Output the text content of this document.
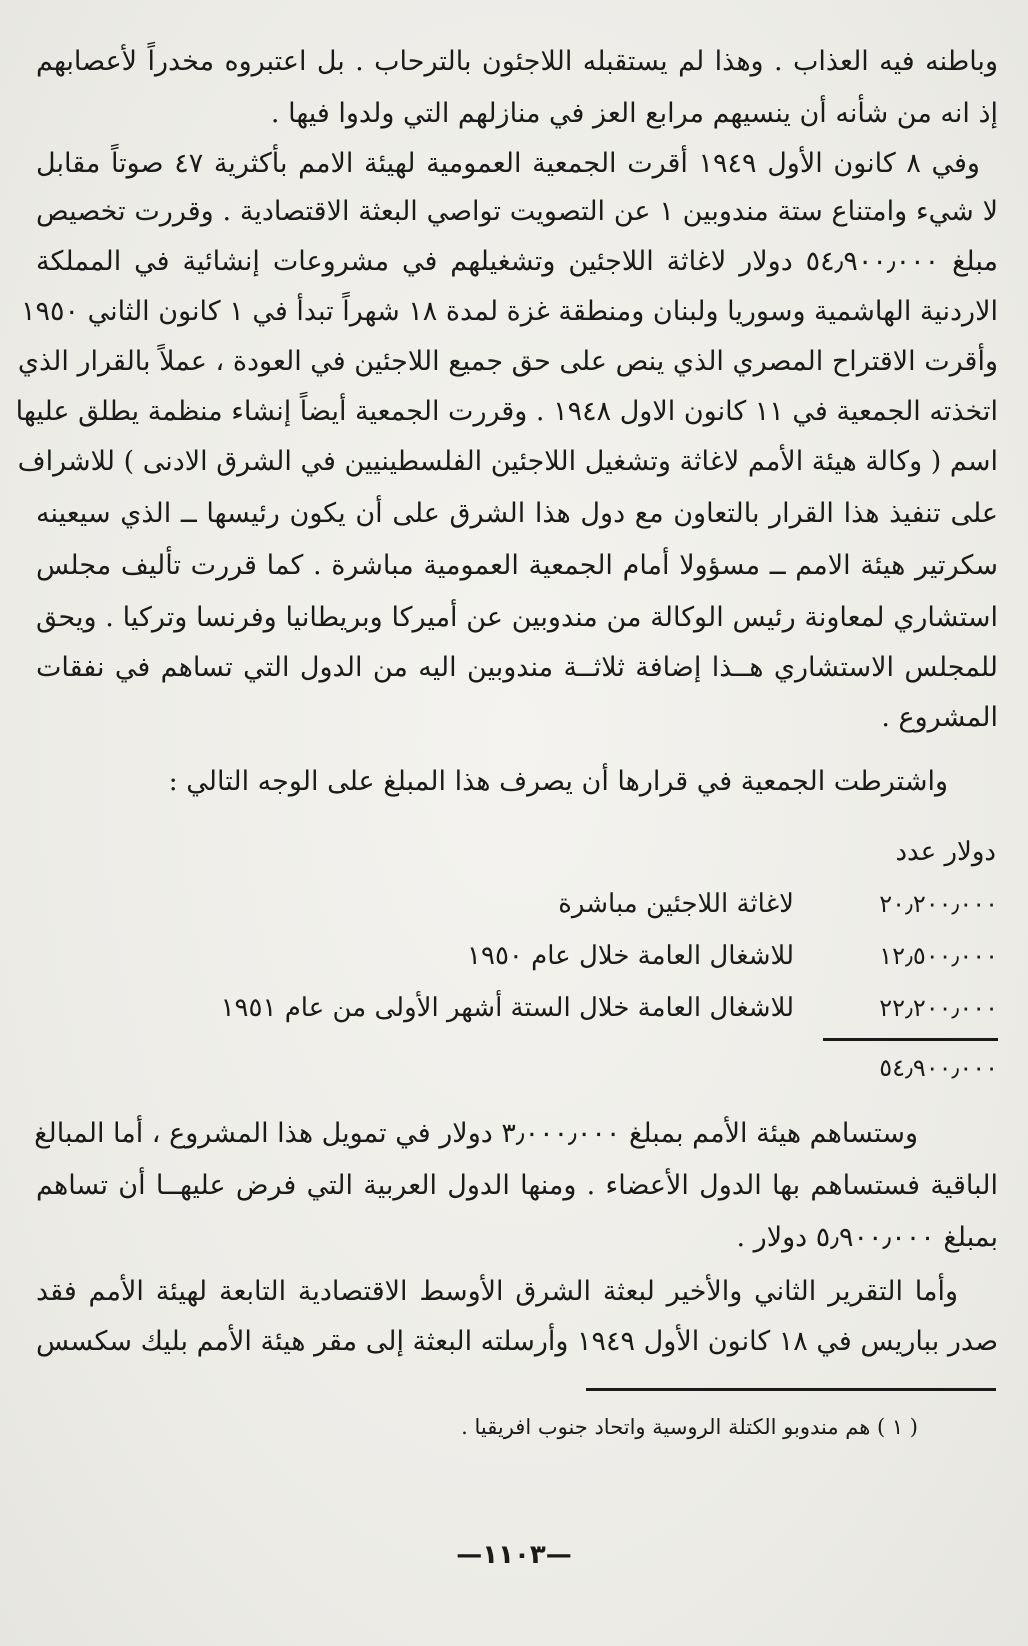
وباطنه فيه العذاب . وهذا لم يستقبله اللاجئون بالترحاب . بل اعتبروه مخدراً لأعصابهم
إذ انه من شأنه أن ينسيهم مرابع العز في منازلهم التي ولدوا فيها .
وفي ٨ كانون الأول ١٩٤٩ أقرت الجمعية العمومية لهيئة الامم بأكثرية ٤٧ صوتاً مقابل
لا شيء وامتناع ستة مندوبين ١ عن التصويت تواصي البعثة الاقتصادية . وقررت تخصيص
مبلغ ٥٤٫٩٠٠٫٠٠٠ دولار لاغاثة اللاجئين وتشغيلهم في مشروعات إنشائية في المملكة
الاردنية الهاشمية وسوريا ولبنان ومنطقة غزة لمدة ١٨ شهراً تبدأ في ١ كانون الثاني ١٩٥٠
وأقرت الاقتراح المصري الذي ينص على حق جميع اللاجئين في العودة ، عملاً بالقرار الذي
اتخذته الجمعية في ١١ كانون الاول ١٩٤٨ . وقررت الجمعية أيضاً إنشاء منظمة يطلق عليها
اسم ( وكالة هيئة الأمم لاغاثة وتشغيل اللاجئين الفلسطينيين في الشرق الادنى ) للاشراف
على تنفيذ هذا القرار بالتعاون مع دول هذا الشرق على أن يكون رئيسها ــ الذي سيعينه
سكرتير هيئة الامم ــ مسؤولا أمام الجمعية العمومية مباشرة . كما قررت تأليف مجلس
استشاري لمعاونة رئيس الوكالة من مندوبين عن أميركا وبريطانيا وفرنسا وتركيا . ويحق
للمجلس الاستشاري هــذا إضافة ثلاثــة مندوبين اليه من الدول التي تساهم في نفقات
المشروع .
واشترطت الجمعية في قرارها أن يصرف هذا المبلغ على الوجه التالي :
دولار عدد
٢٠٫٢٠٠٫٠٠٠
لاغاثة اللاجئين مباشرة
١٢٫٥٠٠٫٠٠٠
للاشغال العامة خلال عام ١٩٥٠
٢٢٫٢٠٠٫٠٠٠
للاشغال العامة خلال الستة أشهر الأولى من عام ١٩٥١
٥٤٫٩٠٠٫٠٠٠
وستساهم هيئة الأمم بمبلغ ٣٫٠٠٠٫٠٠٠ دولار في تمويل هذا المشروع ، أما المبالغ
الباقية فستساهم بها الدول الأعضاء . ومنها الدول العربية التي فرض عليهــا أن تساهم
بمبلغ ٥٫٩٠٠٫٠٠٠ دولار .
وأما التقرير الثاني والأخير لبعثة الشرق الأوسط الاقتصادية التابعة لهيئة الأمم فقد
صدر بباريس في ١٨ كانون الأول ١٩٤٩ وأرسلته البعثة إلى مقر هيئة الأمم بليك سكسس
( ١ ) هم مندوبو الكتلة الروسية واتحاد جنوب افريقيا .
—١١٠٣—
